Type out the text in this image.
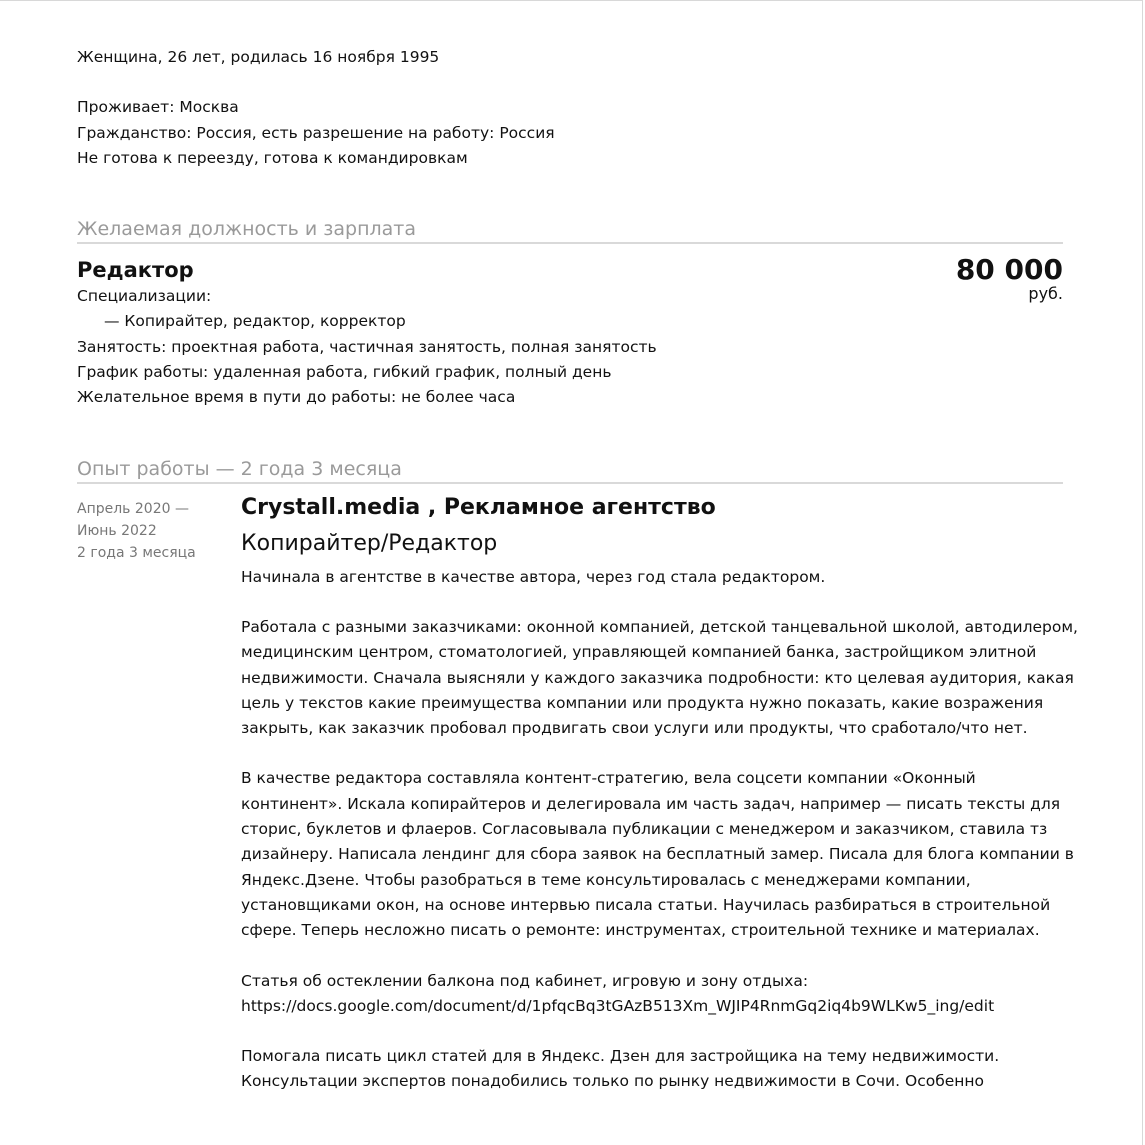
Женщина, 26 лет, родилась 16 ноября 1995
Проживает: Москва
Гражданство: Россия, есть разрешение на работу: Россия
Не готова к переезду, готова к командировкам
Желаемая должность и зарплата
Редактор	80 000
руб.
Специализации:
— Копирайтер, редактор, корректор
Занятость: проектная работа, частичная занятость, полная занятость
График работы: удаленная работа, гибкий график, полный день
Желательное время в пути до работы: не более часа
Опыт работы — 2 года 3 месяца
Апрель 2020 —
Июнь 2022
2 года 3 месяца
Crystall.media , Рекламное агентство
Копирайтер/Редактор

Начинала в агентстве в качестве автора, через год стала редактором.

Работала с разными заказчиками: оконной компанией, детской танцевальной школой, автодилером, медицинским центром, стоматологией, управляющей компанией банка, застройщиком элитной недвижимости. Сначала выясняли у каждого заказчика подробности: кто целевая аудитория, какая цель у текстов какие преимущества компании или продукта нужно показать, какие возражения закрыть, как заказчик пробовал продвигать свои услуги или продукты, что сработало/что нет.

В качестве редактора составляла контент-стратегию, вела соцсети компании «Оконный континент». Искала копирайтеров и делегировала им часть задач, например — писать тексты для сторис, буклетов и флаеров. Согласовывала публикации с менеджером и заказчиком, ставила тз дизайнеру. Написала лендинг для сбора заявок на бесплатный замер. Писала для блога компании в Яндекс.Дзене. Чтобы разобраться в теме консультировалась с менеджерами компании, установщиками окон, на основе интервью писала статьи. Научилась разбираться в строительной сфере. Теперь несложно писать о ремонте: инструментах, строительной технике и материалах.

Статья об остеклении балкона под кабинет, игровую и зону отдыха:
https://docs.google.com/document/d/1pfqcBq3tGAzB513Xm_WJIP4RnmGq2iq4b9WLKw5_ing/edit

Помогала писать цикл статей для в Яндекс. Дзен для застройщика на тему недвижимости. Консультации экспертов понадобились только по рынку недвижимости в Сочи. Особенно
